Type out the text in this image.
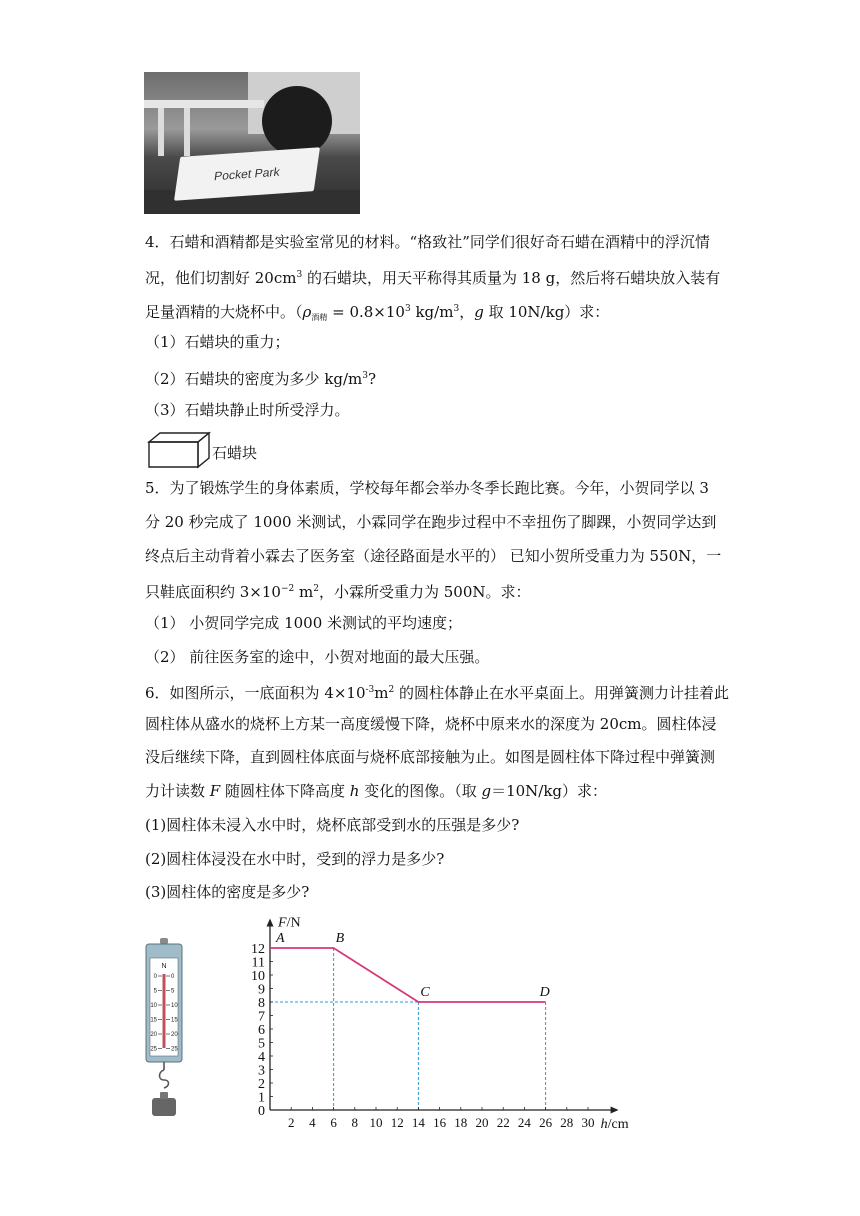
Pocket Park
4．石蜡和酒精都是实验室常见的材料。“格致社”同学们很好奇石蜡在酒精中的浮沉情
况，他们切割好 $20cm^3$ 的石蜡块，用天平称得其质量为 18 g，然后将石蜡块放入装有
足量酒精的大烧杯中。（$\rho_{酒精} = 0.8\times 10^3$ $kg/m^3$，g 取 10N/kg）求：
（1）石蜡块的重力；
（2）石蜡块的密度为多少 $kg/m^3$?
（3）石蜡块静止时所受浮力。
石蜡块
5．为了锻炼学生的身体素质，学校每年都会举办冬季长跑比赛。今年，小贺同学以 3
分 20 秒完成了 1000 米测试，小霖同学在跑步过程中不幸扭伤了脚踝，小贺同学达到
终点后主动背着小霖去了医务室（途径路面是水平的） 已知小贺所受重力为 550N，一
只鞋底面积约 $3\times 10^{-2}$ $m^2$，小霖所受重力为 500N。求：
（1） 小贺同学完成 1000 米测试的平均速度；
（2） 前往医务室的途中，小贺对地面的最大压强。
6．如图所示，一底面积为 $4\times 10^{-3}m^2$ 的圆柱体静止在水平桌面上。用弹簧测力计挂着此
圆柱体从盛水的烧杯上方某一高度缓慢下降，烧杯中原来水的深度为 20cm。圆柱体浸
没后继续下降，直到圆柱体底面与烧杯底部接触为止。如图是圆柱体下降过程中弹簧测
力计读数 F 随圆柱体下降高度 h 变化的图像。（取 g＝10N/kg）求：
(1)圆柱体未浸入水中时，烧杯底部受到水的压强是多少?
(2)圆柱体浸没在水中时，受到的浮力是多少?
(3)圆柱体的密度是多少?
N
0 0
5 5
10 10
15 15
20 20
25 25
F/N
h/cm
0
1
2
3
4
5
6
7
8
9
10
11
12
2 4 6 8 10 12 14 16 18 20 22 24 26 28 30
A	B
C	D
